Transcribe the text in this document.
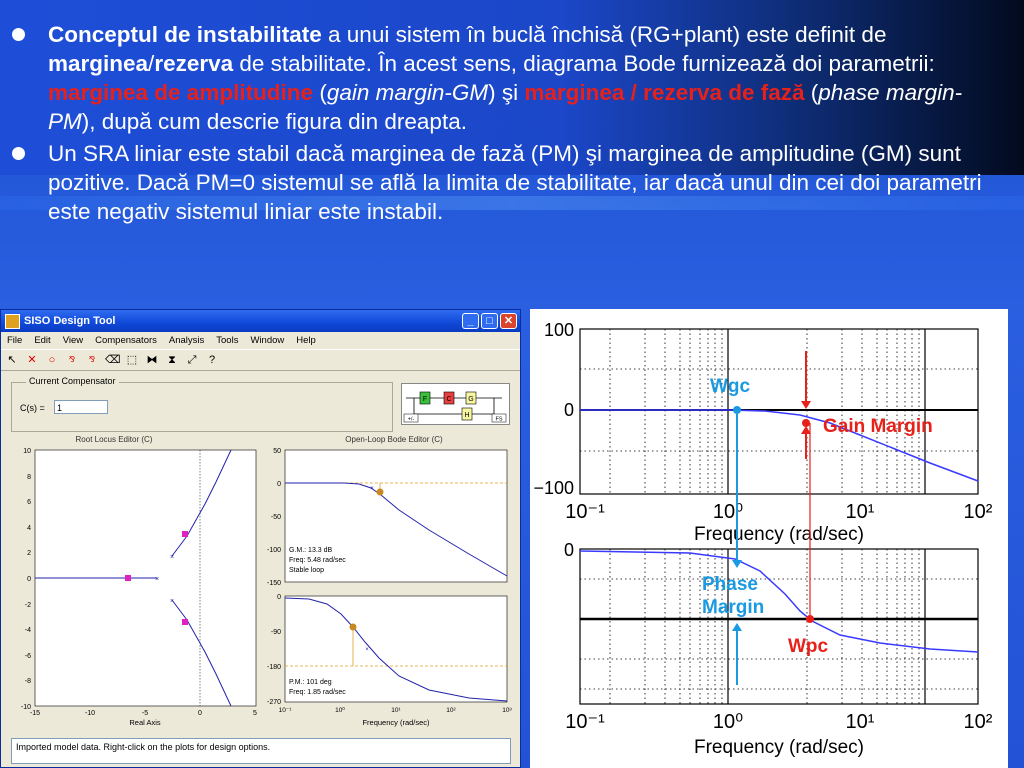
Conceptul de instabilitate a unui sistem în buclă închisă (RG+plant) este definit de marginea/rezerva de stabilitate. În acest sens, diagrama Bode furnizează doi parametrii: marginea de amplitudine (gain margin-GM) şi marginea / rezerva de fază (phase margin-PM), după cum descrie figura din dreapta.
Un SRA liniar este stabil dacă marginea de fază (PM) şi marginea de amplitudine (GM) sunt pozitive. Dacă PM=0 sistemul se află la limita de stabilitate, iar dacă unul din cei doi parametri este negativ sistemul liniar este instabil.
SISO Design Tool	_	□	✕
File Edit View Compensators Analysis Tools Window Help
↖ ✕	○	⅋	⅋ ⌫ ⬚ ⧓ ⧗ ⤢	?
Current Compensator
C(s) =	1
F	C G
H
+/-	FS
Root Locus Editor (C)
10
8
6
4
2
0
-2
-4
-6
-8
-10
-15	-10	-5	0	5
Real Axis
×
×
×
Open-Loop Bode Editor (C)
50
0
-50
-100
-150
×
G.M.: 13.3 dB
Freq: 5.48 rad/sec
Stable loop
0
-90
-180
-270
×
P.M.: 101 deg
Freq: 1.85 rad/sec
10⁻¹	10⁰	10¹	10²	10³
Frequency (rad/sec)
Imported model data. Right-click on the plots for design options.
Wgc
Gain Margin
100
0
−100
10⁻¹	10⁰	10¹	10²
Frequency (rad/sec)
Phase
Margin
Wpc
0
10⁻¹	10⁰	10¹	10²
Frequency (rad/sec)
